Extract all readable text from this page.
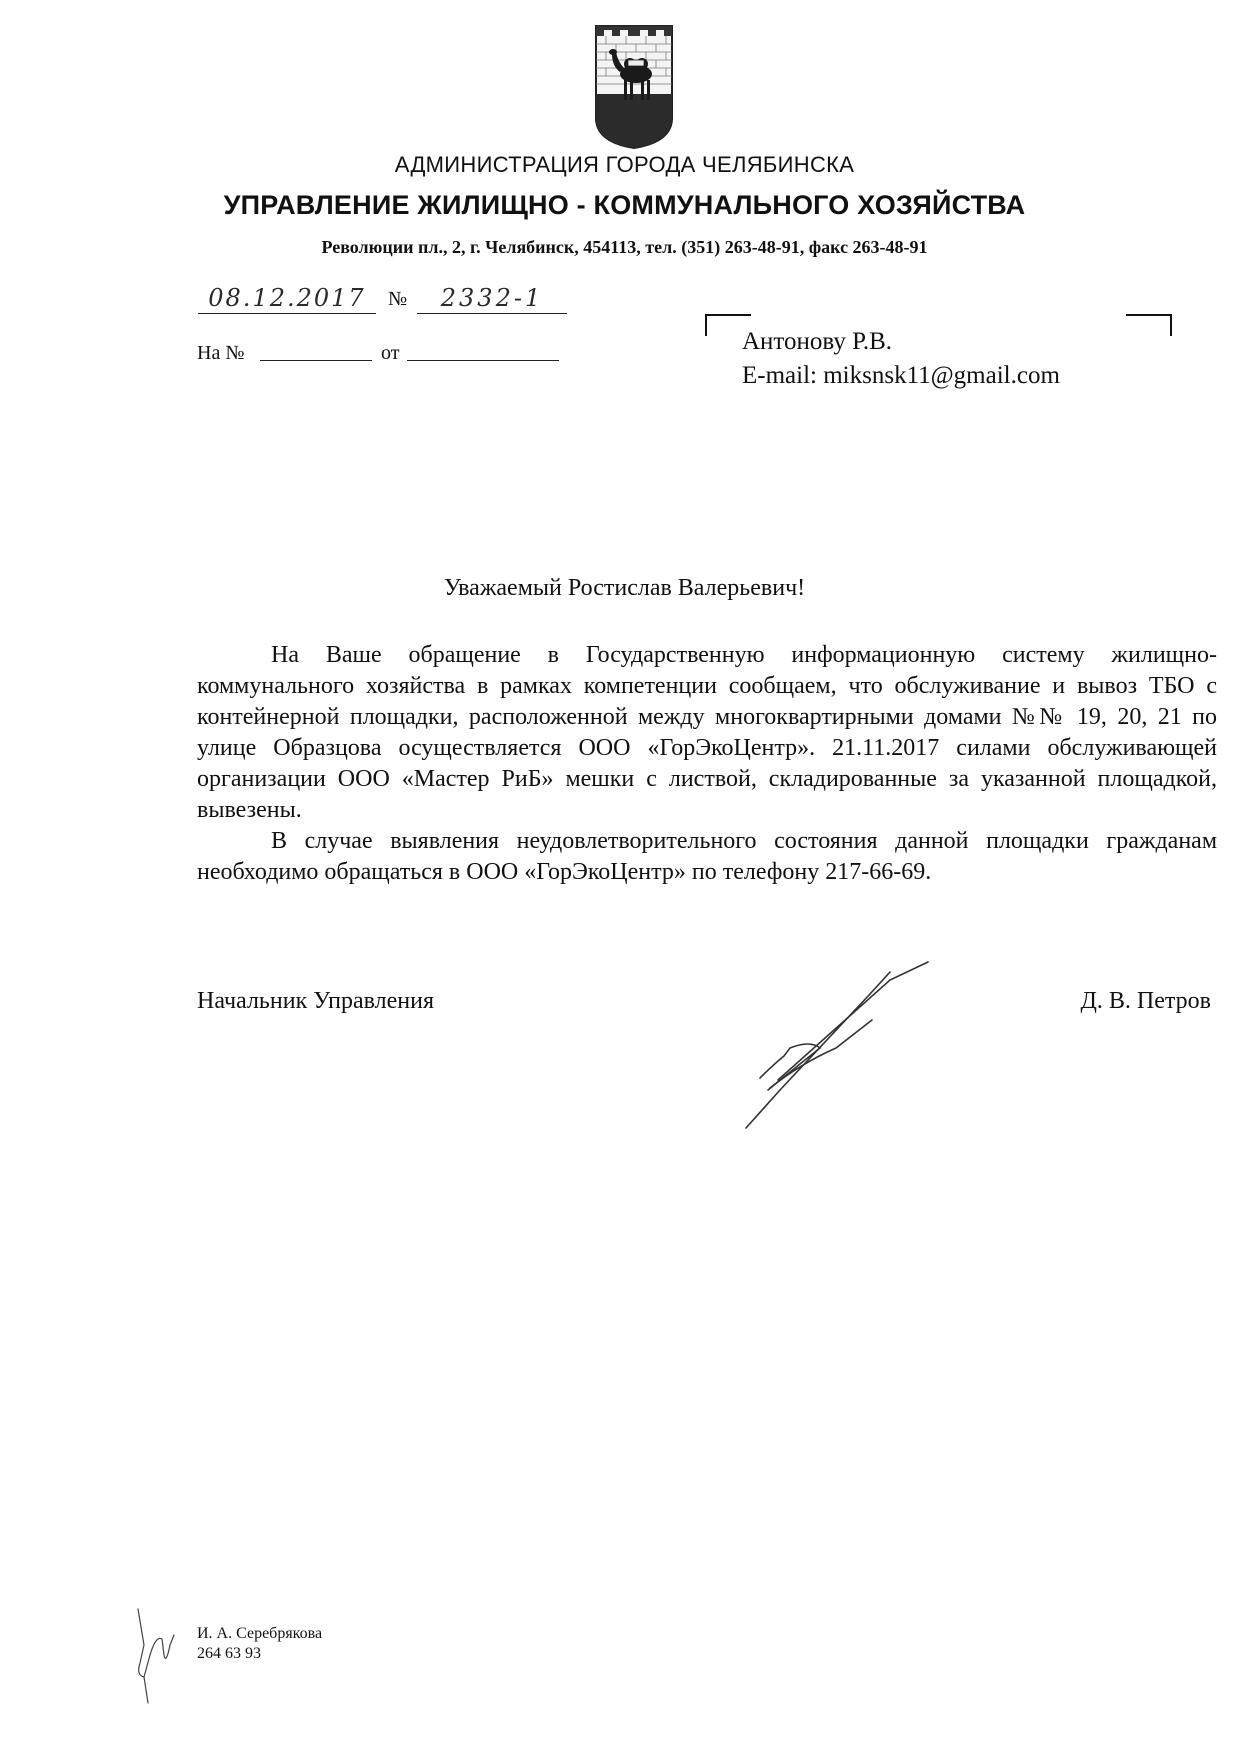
АДМИНИСТРАЦИЯ ГОРОДА ЧЕЛЯБИНСКА
УПРАВЛЕНИЕ ЖИЛИЩНО - КОММУНАЛЬНОГО ХОЗЯЙСТВА
Революции пл., 2, г. Челябинск, 454113, тел. (351) 263-48-91, факс 263-48-91
08.12.2017	№	2332-1
На №	от	Антонову Р.В.
E-mail: miksnsk11@gmail.com
Уважаемый Ростислав Валерьевич!

На Ваше обращение в Государственную информационную систему жилищно-коммунального хозяйства в рамках компетенции сообщаем, что обслуживание и вывоз ТБО с контейнерной площадки, расположенной между многоквартирными домами №№ 19, 20, 21 по улице Образцова осуществляется ООО «ГорЭкоЦентр». 21.11.2017 силами обслуживающей организации ООО «Мастер РиБ» мешки с листвой, складированные за указанной площадкой, вывезены.

В случае выявления неудовлетворительного состояния данной площадки гражданам необходимо обращаться в ООО «ГорЭкоЦентр» по телефону 217-66-69.

Начальник Управления	Д. В. Петров
И. А. Серебрякова
264 63 93
